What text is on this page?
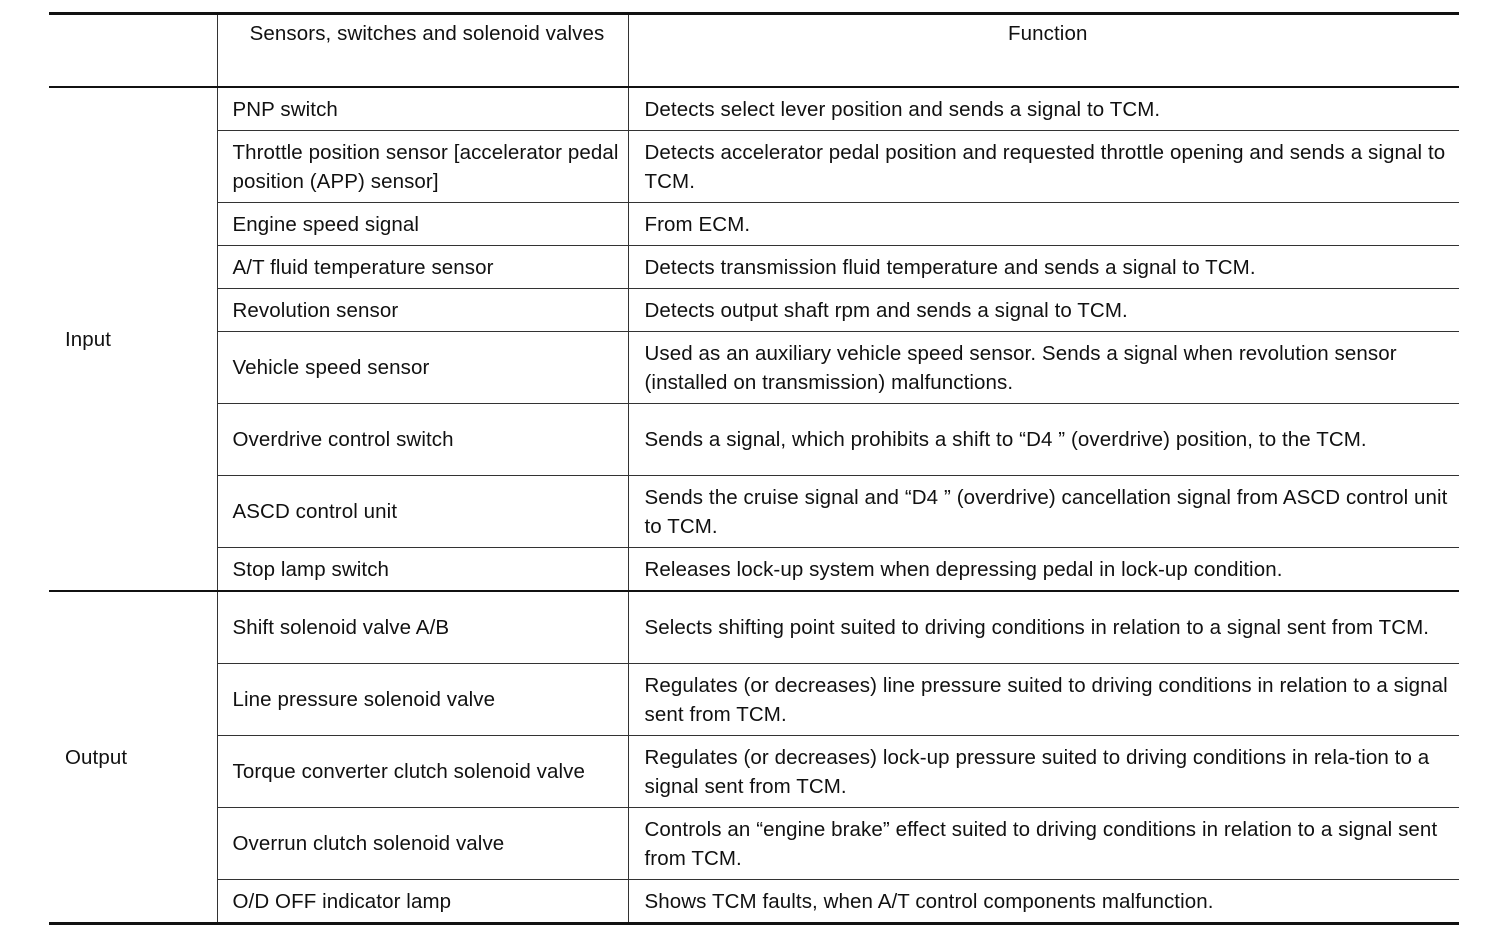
	Sensors, switches and solenoid valves	Function
Input	PNP switch	Detects select lever position and sends a signal to TCM.
	Throttle position sensor [accelerator pedal position (APP) sensor]	Detects accelerator pedal position and requested throttle opening and sends a signal to TCM.
	Engine speed signal	From ECM.
	A/T fluid temperature sensor	Detects transmission fluid temperature and sends a signal to TCM.
	Revolution sensor	Detects output shaft rpm and sends a signal to TCM.
	Vehicle speed sensor	Used as an auxiliary vehicle speed sensor. Sends a signal when revolution sensor (installed on transmission) malfunctions.
	Overdrive control switch	Sends a signal, which prohibits a shift to “D4 ” (overdrive) position, to the TCM.
	ASCD control unit	Sends the cruise signal and “D4 ” (overdrive) cancellation signal from ASCD control unit to TCM.
	Stop lamp switch	Releases lock-up system when depressing pedal in lock-up condition.
Output	Shift solenoid valve A/B	Selects shifting point suited to driving conditions in relation to a signal sent from TCM.
	Line pressure solenoid valve	Regulates (or decreases) line pressure suited to driving conditions in relation to a signal sent from TCM.
	Torque converter clutch solenoid valve	Regulates (or decreases) lock-up pressure suited to driving conditions in rela-tion to a signal sent from TCM.
	Overrun clutch solenoid valve	Controls an “engine brake” effect suited to driving conditions in relation to a signal sent from TCM.
	O/D OFF indicator lamp	Shows TCM faults, when A/T control components malfunction.
